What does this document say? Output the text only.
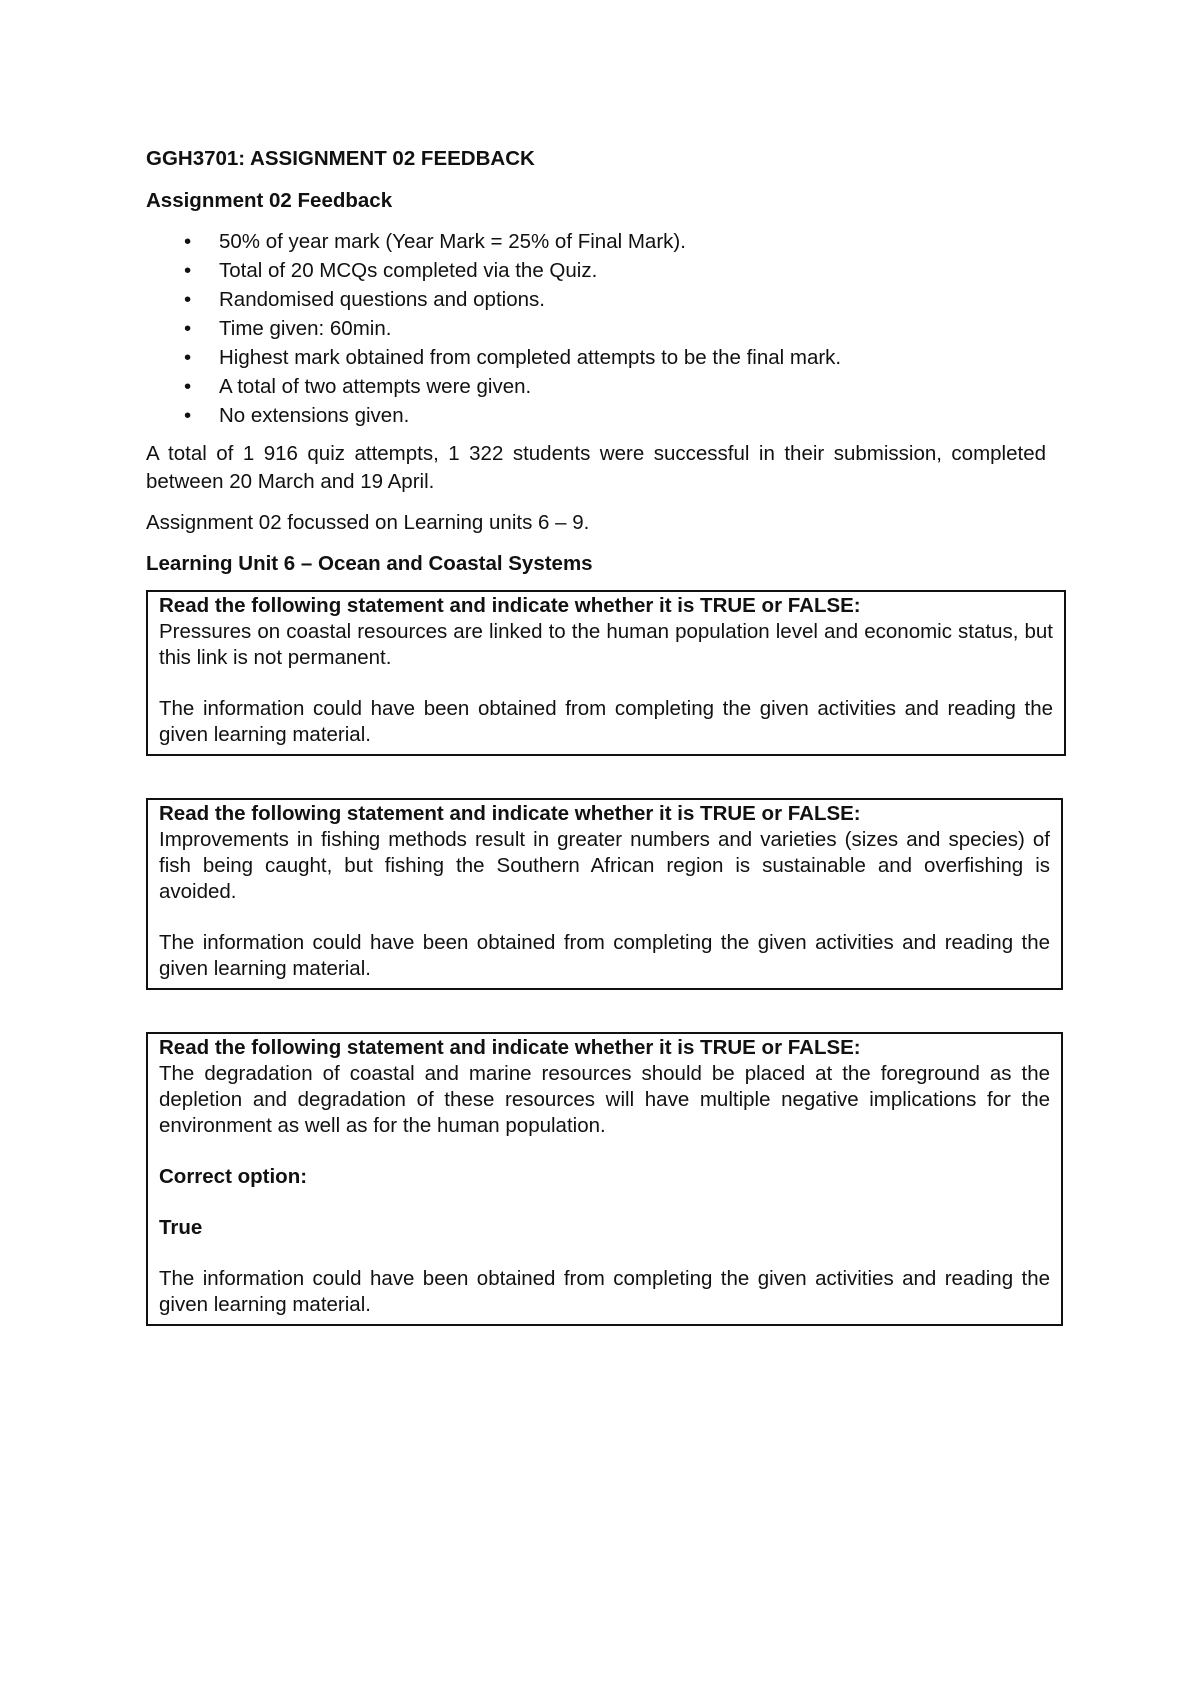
GGH3701: ASSIGNMENT 02 FEEDBACK
Assignment 02 Feedback
• 50% of year mark (Year Mark = 25% of Final Mark).
• Total of 20 MCQs completed via the Quiz.
• Randomised questions and options.
• Time given: 60min.
• Highest mark obtained from completed attempts to be the final mark.
• A total of two attempts were given.
• No extensions given.

A total of 1 916 quiz attempts, 1 322 students were successful in their submission, completed between 20 March and 19 April.

Assignment 02 focussed on Learning units 6 – 9.

Learning Unit 6 – Ocean and Coastal Systems
Read the following statement and indicate whether it is TRUE or FALSE:

Pressures on coastal resources are linked to the human population level and economic status, but this link is not permanent.

The information could have been obtained from completing the given activities and reading the given learning material.

Read the following statement and indicate whether it is TRUE or FALSE:

Improvements in fishing methods result in greater numbers and varieties (sizes and species) of fish being caught, but fishing the Southern African region is sustainable and overfishing is avoided.

The information could have been obtained from completing the given activities and reading the given learning material.

Read the following statement and indicate whether it is TRUE or FALSE:

The degradation of coastal and marine resources should be placed at the foreground as the depletion and degradation of these resources will have multiple negative implications for the environment as well as for the human population.

Correct option:

True

The information could have been obtained from completing the given activities and reading the given learning material.
